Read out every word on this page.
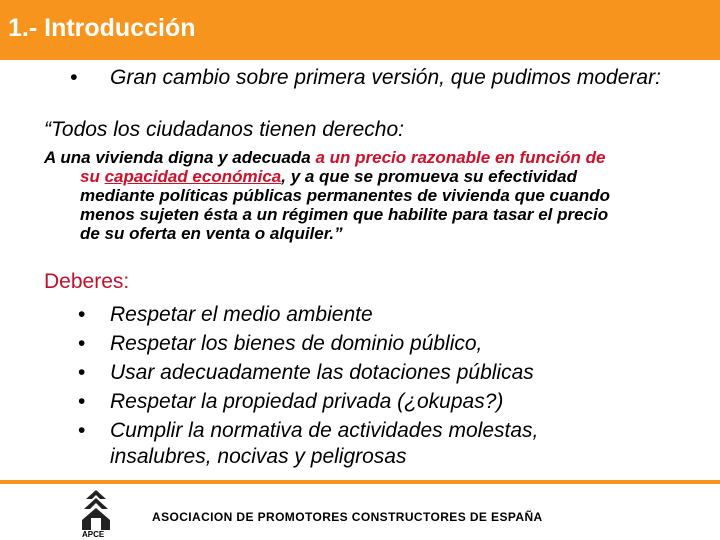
1.- Introducción
•	Gran cambio sobre primera versión, que pudimos moderar:
“Todos los ciudadanos tienen derecho:
A una vivienda digna y adecuada a un precio razonable en función de
su capacidad económica, y a que se promueva su efectividad
mediante políticas públicas permanentes de vivienda que cuando
menos sujeten ésta a un régimen que habilite para tasar el precio
de su oferta en venta o alquiler.”
Deberes:
• Respetar el medio ambiente
• Respetar los bienes de dominio público,
• Usar adecuadamente las dotaciones públicas
• Respetar la propiedad privada (¿okupas?)
• Cumplir la normativa de actividades molestas,
insalubres, nocivas y peligrosas
APCE
ASOCIACION DE PROMOTORES CONSTRUCTORES DE ESPAÑA
